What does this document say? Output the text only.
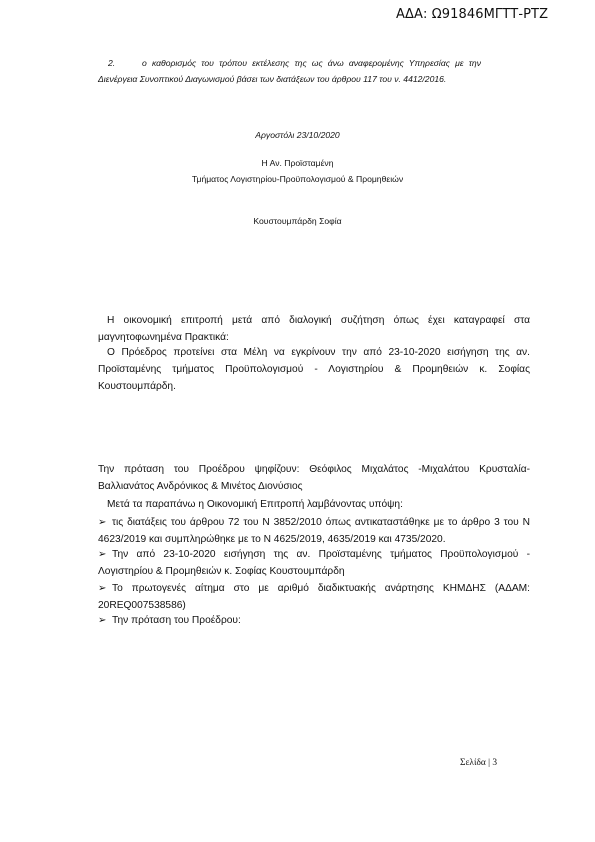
ΑΔΑ: Ω91846ΜΓΤΤ-ΡΤΖ
2.	ο καθορισμός του τρόπου εκτέλεσης της ως άνω αναφερομένης Υπηρεσίας με την Διενέργεια Συνοπτικού Διαγωνισμού βάσει των διατάξεων του άρθρου 117 του ν. 4412/2016.
Αργοστόλι 23/10/2020
Η Αν. Προϊσταμένη
Τμήματος Λογιστηρίου-Προϋπολογισμού & Προμηθειών
Κουστουμπάρδη Σοφία
Η οικονομική επιτροπή μετά από διαλογική συζήτηση όπως έχει καταγραφεί στα μαγνητοφωνημένα Πρακτικά:
Ο Πρόεδρος προτείνει στα Μέλη να εγκρίνουν την από 23-10-2020 εισήγηση της αν. Προϊσταμένης τμήματος Προϋπολογισμού - Λογιστηρίου & Προμηθειών κ. Σοφίας Κουστουμπάρδη.
Την πρόταση του Προέδρου ψηφίζουν: Θεόφιλος Μιχαλάτος -Μιχαλάτου Κρυσταλία- Βαλλιανάτος Ανδρόνικος & Μινέτος Διονύσιος
Μετά τα παραπάνω η Οικονομική Επιτροπή λαμβάνοντας υπόψη:
➢ τις διατάξεις του άρθρου 72 του Ν 3852/2010 όπως αντικαταστάθηκε με το άρθρο 3 του Ν 4623/2019 και συμπληρώθηκε με το Ν 4625/2019, 4635/2019 και 4735/2020.
➢ Την από 23-10-2020 εισήγηση της αν. Προϊσταμένης τμήματος Προϋπολογισμού - Λογιστηρίου & Προμηθειών κ. Σοφίας Κουστουμπάρδη
➢ Το πρωτογενές αίτημα στο με αριθμό διαδικτυακής ανάρτησης ΚΗΜΔΗΣ (ΑΔΑΜ: 20REQ007538586)
➢ Την πρόταση του Προέδρου:
Σελίδα | 3
